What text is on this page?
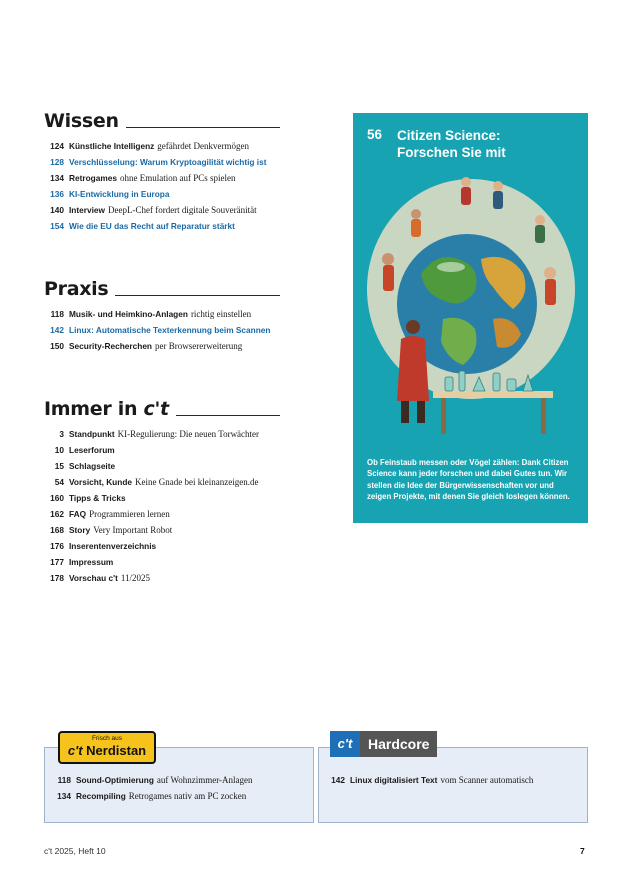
Wissen
124 Künstliche Intelligenz gefährdet Denkvermögen
128 Verschlüsselung: Warum Kryptoagilität wichtig ist
134 Retrogames ohne Emulation auf PCs spielen
136 KI-Entwicklung in Europa
140 Interview DeepL-Chef fordert digitale Souveränität
154 Wie die EU das Recht auf Reparatur stärkt
Praxis
118 Musik- und Heimkino-Anlagen richtig einstellen
142 Linux: Automatische Texterkennung beim Scannen
150 Security-Recherchen per Browsererweiterung
Immer in c't
3 Standpunkt KI-Regulierung: Die neuen Torwächter
10 Leserforum
15 Schlagseite
54 Vorsicht, Kunde Keine Gnade bei kleinanzeigen.de
160 Tipps & Tricks
162 FAQ Programmieren lernen
168 Story Very Important Robot
176 Inserentenverzeichnis
177 Impressum
178 Vorschau c't 11/2025
56 Citizen Science:
Forschen Sie mit
Ob Feinstaub messen oder Vögel zählen: Dank Citizen Science kann jeder forschen und dabei Gutes tun. Wir stellen die Idee der Bürgerwissenschaften vor und zeigen Projekte, mit denen Sie gleich loslegen können.
118 Sound-Optimierung auf Wohnzimmer-Anlagen
134 Recompiling Retrogames nativ am PC zocken
Frisch aus
c't Nerdistan
142 Linux digitalisiert Text vom Scanner automatisch
c't	Hardcore
c't 2025, Heft 10	7
